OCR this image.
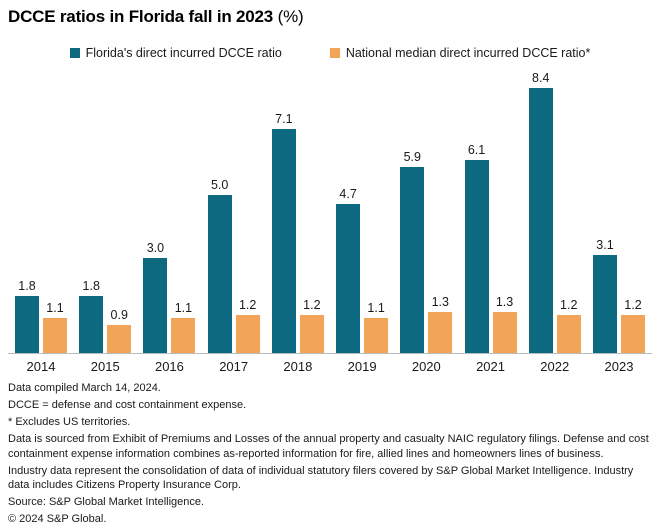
DCCE ratios in Florida fall in 2023 (%)
Florida's direct incurred DCCE ratio	National median direct incurred DCCE ratio*
1.8
1.1
1.8
0.9
3.0
1.1
5.0
1.2
7.1
1.2
4.7
1.1
5.9
1.3
6.1
1.3
8.4
1.2
3.1
1.2
2014	2015	2016	2017	2018	2019	2020	2021	2022	2023

Data compiled March 14, 2024.

DCCE = defense and cost containment expense.

* Excludes US territories.

Data is sourced from Exhibit of Premiums and Losses of the annual property and casualty NAIC regulatory filings. Defense and cost containment expense information combines as-reported information for fire, allied lines and homeowners lines of business.

Industry data represent the consolidation of data of individual statutory filers covered by S&P Global Market Intelligence. Industry data includes Citizens Property Insurance Corp.

Source: S&P Global Market Intelligence.

© 2024 S&P Global.
